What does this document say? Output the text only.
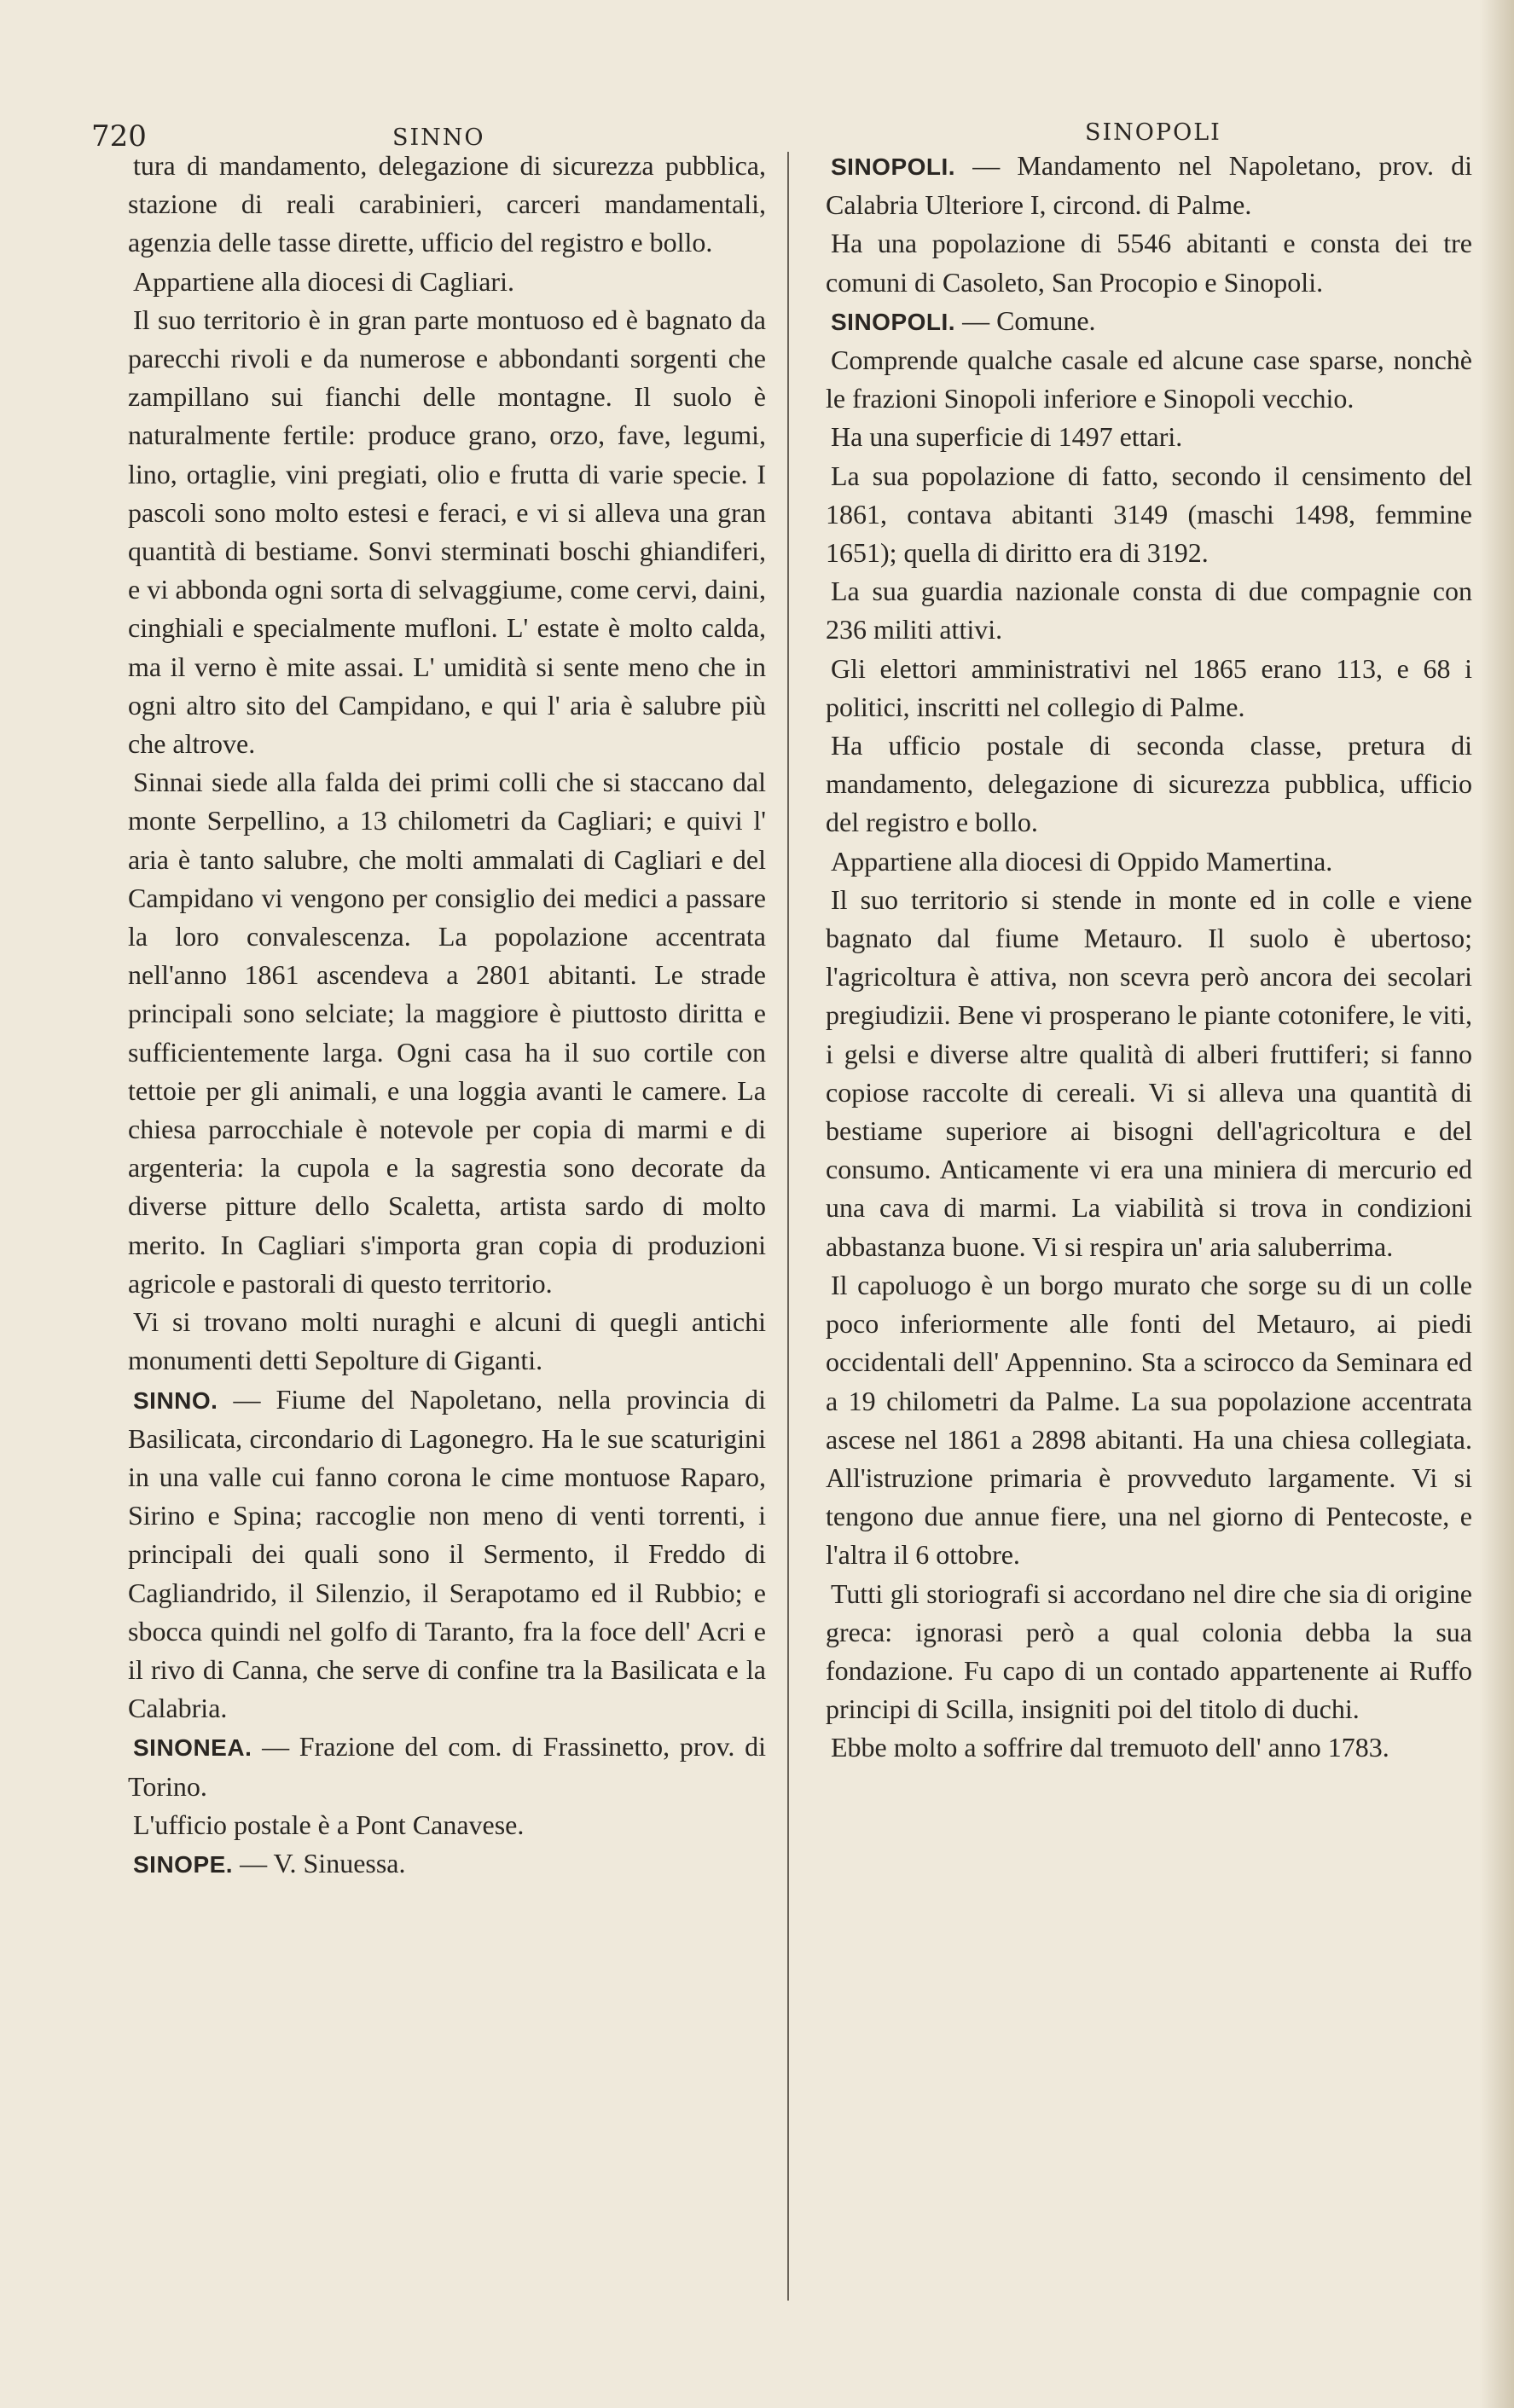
720	SINNO	SINOPOLI

tura di mandamento, delegazione di sicurezza pubblica, stazione di reali carabinieri, carceri mandamentali, agenzia delle tasse dirette, ufficio del registro e bollo.

Appartiene alla diocesi di Cagliari.

Il suo territorio è in gran parte montuoso ed è bagnato da parecchi rivoli e da numerose e abbondanti sorgenti che zampillano sui fianchi delle montagne. Il suolo è naturalmente fertile: produce grano, orzo, fave, legumi, lino, ortaglie, vini pregiati, olio e frutta di varie specie. I pascoli sono molto estesi e feraci, e vi si alleva una gran quantità di bestiame. Sonvi sterminati boschi ghiandiferi, e vi abbonda ogni sorta di selvaggiume, come cervi, daini, cinghiali e specialmente mufloni. L' estate è molto calda, ma il verno è mite assai. L' umidità si sente meno che in ogni altro sito del Campidano, e qui l' aria è salubre più che altrove.

Sinnai siede alla falda dei primi colli che si staccano dal monte Serpellino, a 13 chilometri da Cagliari; e quivi l' aria è tanto salubre, che molti ammalati di Cagliari e del Campidano vi vengono per consiglio dei medici a passare la loro convalescenza. La popolazione accentrata nell'anno 1861 ascendeva a 2801 abitanti. Le strade principali sono selciate; la maggiore è piuttosto diritta e sufficientemente larga. Ogni casa ha il suo cortile con tettoie per gli animali, e una loggia avanti le camere. La chiesa parrocchiale è notevole per copia di marmi e di argenteria: la cupola e la sagrestia sono decorate da diverse pitture dello Scaletta, artista sardo di molto merito. In Cagliari s'importa gran copia di produzioni agricole e pastorali di questo territorio.

Vi si trovano molti nuraghi e alcuni di quegli antichi monumenti detti Sepolture di Giganti.

SINNO. — Fiume del Napoletano, nella provincia di Basilicata, circondario di Lagonegro. Ha le sue scaturigini in una valle cui fanno corona le cime montuose Raparo, Sirino e Spina; raccoglie non meno di venti torrenti, i principali dei quali sono il Sermento, il Freddo di Cagliandrido, il Silenzio, il Serapotamo ed il Rubbio; e sbocca quindi nel golfo di Taranto, fra la foce dell' Acri e il rivo di Canna, che serve di confine tra la Basilicata e la Calabria.

SINONEA. — Frazione del com. di Frassinetto, prov. di Torino.

L'ufficio postale è a Pont Canavese.

SINOPE. — V. Sinuessa.

SINOPOLI. — Mandamento nel Napoletano, prov. di Calabria Ulteriore I, circond. di Palme.

Ha una popolazione di 5546 abitanti e consta dei tre comuni di Casoleto, San Procopio e Sinopoli.

SINOPOLI. — Comune.

Comprende qualche casale ed alcune case sparse, nonchè le frazioni Sinopoli inferiore e Sinopoli vecchio.

Ha una superficie di 1497 ettari.

La sua popolazione di fatto, secondo il censimento del 1861, contava abitanti 3149 (maschi 1498, femmine 1651); quella di diritto era di 3192.

La sua guardia nazionale consta di due compagnie con 236 militi attivi.

Gli elettori amministrativi nel 1865 erano 113, e 68 i politici, inscritti nel collegio di Palme.

Ha ufficio postale di seconda classe, pretura di mandamento, delegazione di sicurezza pubblica, ufficio del registro e bollo.

Appartiene alla diocesi di Oppido Mamertina.

Il suo territorio si stende in monte ed in colle e viene bagnato dal fiume Metauro. Il suolo è ubertoso; l'agricoltura è attiva, non scevra però ancora dei secolari pregiudizii. Bene vi prosperano le piante cotonifere, le viti, i gelsi e diverse altre qualità di alberi fruttiferi; si fanno copiose raccolte di cereali. Vi si alleva una quantità di bestiame superiore ai bisogni dell'agricoltura e del consumo. Anticamente vi era una miniera di mercurio ed una cava di marmi. La viabilità si trova in condizioni abbastanza buone. Vi si respira un' aria saluberrima.

Il capoluogo è un borgo murato che sorge su di un colle poco inferiormente alle fonti del Metauro, ai piedi occidentali dell' Appennino. Sta a scirocco da Seminara ed a 19 chilometri da Palme. La sua popolazione accentrata ascese nel 1861 a 2898 abitanti. Ha una chiesa collegiata. All'istruzione primaria è provveduto largamente. Vi si tengono due annue fiere, una nel giorno di Pentecoste, e l'altra il 6 ottobre.

Tutti gli storiografi si accordano nel dire che sia di origine greca: ignorasi però a qual colonia debba la sua fondazione. Fu capo di un contado appartenente ai Ruffo principi di Scilla, insigniti poi del titolo di duchi.

Ebbe molto a soffrire dal tremuoto dell' anno 1783.
